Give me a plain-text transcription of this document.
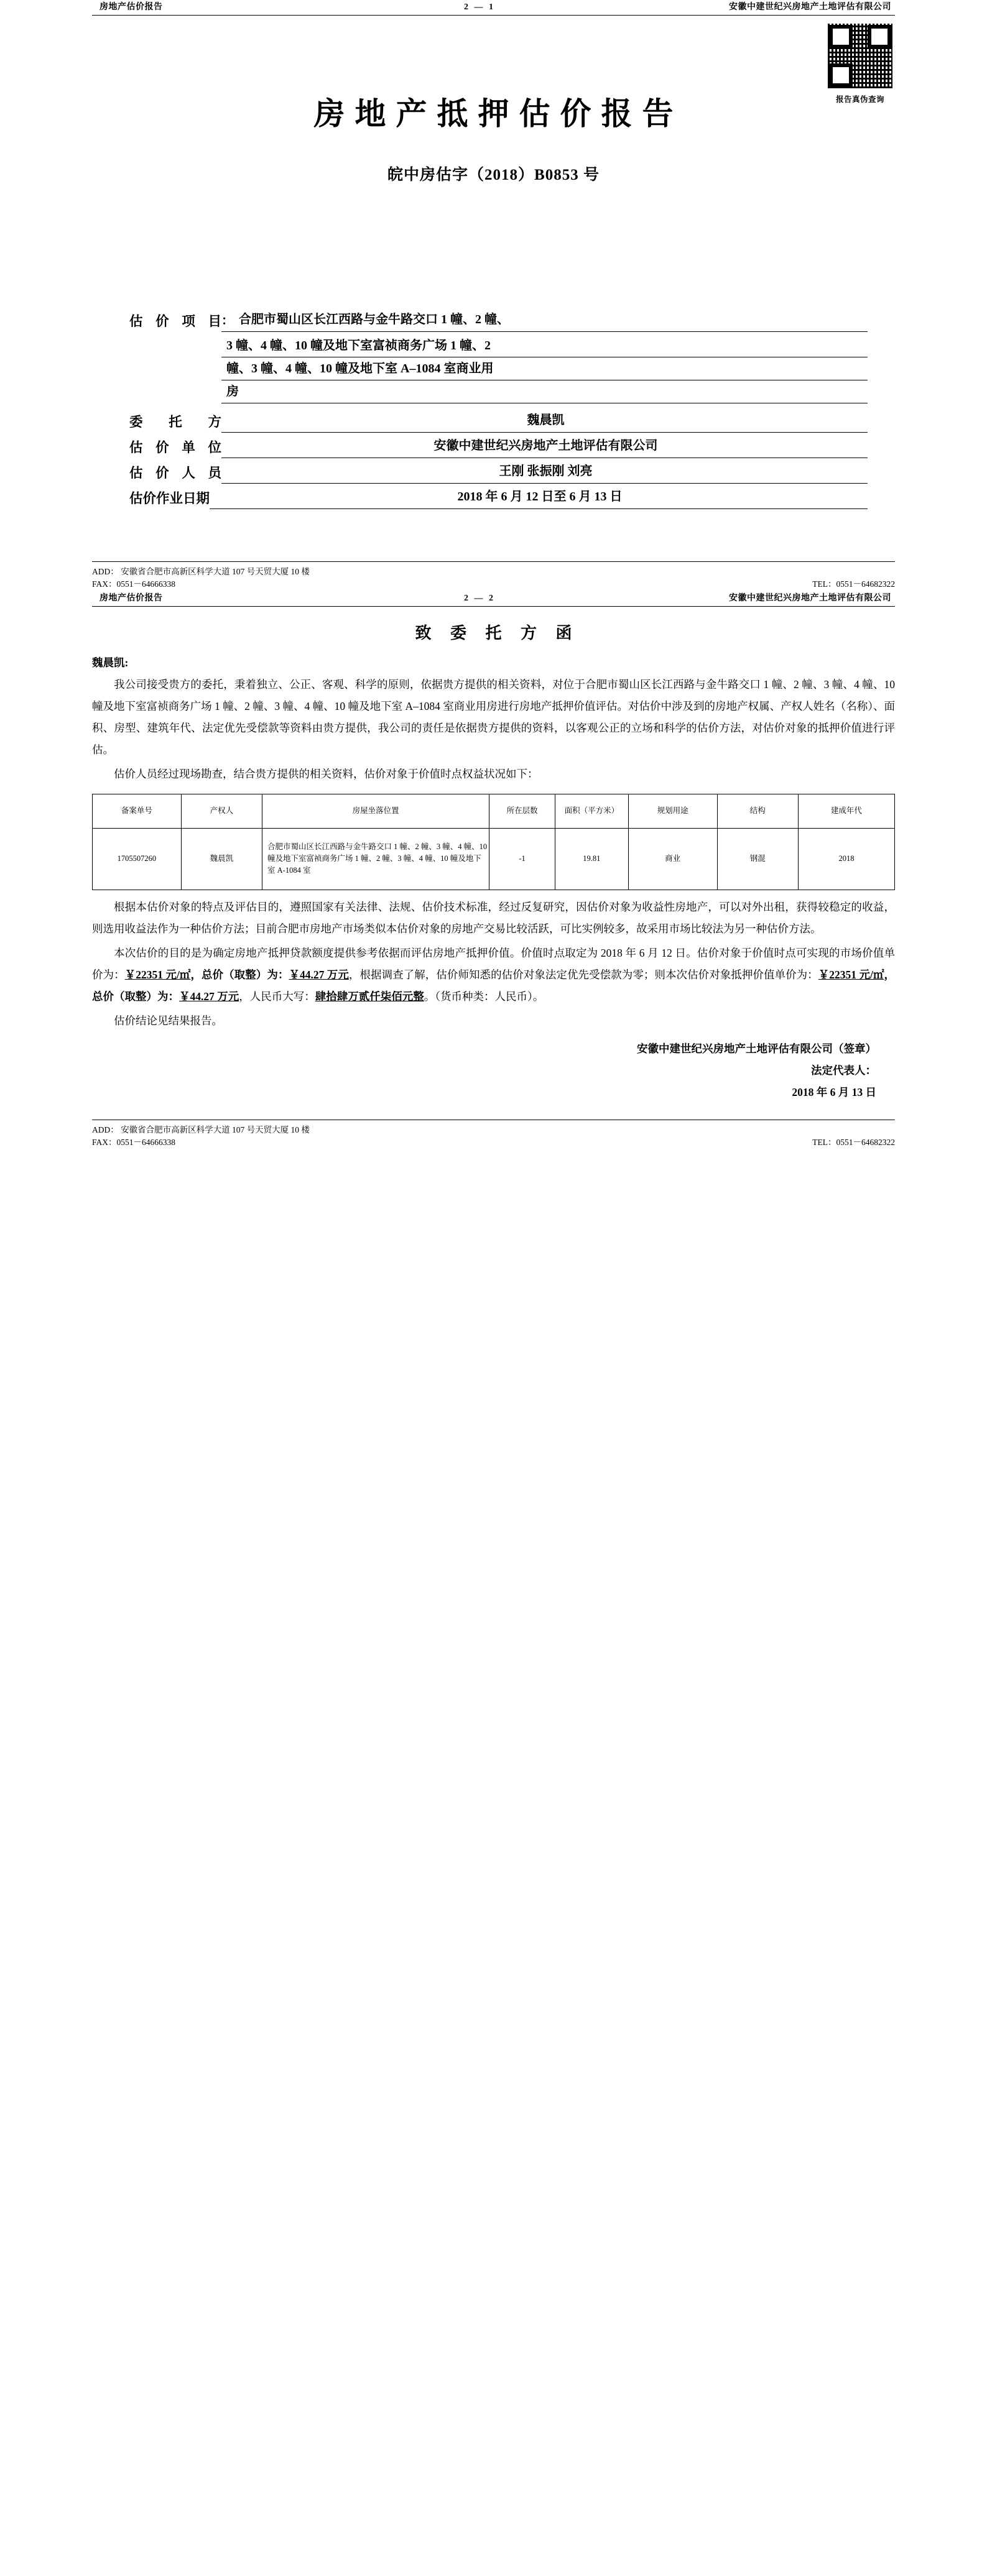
房地产估价报告	2 — 1	安徽中建世纪兴房地产土地评估有限公司
报告真伪查询
房地产抵押估价报告
皖中房估字（2018）B0853 号
估价项目 ： 合肥市蜀山区长江西路与金牛路交口 1 幢、2 幢、
3 幢、4 幢、10 幢及地下室富祯商务广场 1 幢、2
幢、3 幢、4 幢、10 幢及地下室 A–1084 室商业用
房
委托方	魏晨凯
估价单位	安徽中建世纪兴房地产土地评估有限公司
估价人员	王刚 张振刚 刘亮
估价作业日期	2018 年 6 月 12 日至 6 月 13 日
ADD： 安徽省合肥市高新区科学大道 107 号天贸大厦 10 楼
FAX：0551－64666338	TEL：0551－64682322
房地产估价报告	2 — 2	安徽中建世纪兴房地产土地评估有限公司
致 委 托 方 函
魏晨凯:

我公司接受贵方的委托，秉着独立、公正、客观、科学的原则，依据贵方提供的相关资料，对位于合肥市蜀山区长江西路与金牛路交口 1 幢、2 幢、3 幢、4 幢、10 幢及地下室富祯商务广场 1 幢、2 幢、3 幢、4 幢、10 幢及地下室 A–1084 室商业用房进行房地产抵押价值评估。对估价中涉及到的房地产权属、产权人姓名（名称）、面积、房型、建筑年代、法定优先受偿款等资料由贵方提供，我公司的责任是依据贵方提供的资料，以客观公正的立场和科学的估价方法，对估价对象的抵押价值进行评估。

估价人员经过现场勘查，结合贵方提供的相关资料，估价对象于价值时点权益状况如下：

备案单号	产权人	房屋坐落位置	所在层数	面积（平方米）	规划用途	结构	建成年代
1705507260	魏晨凯	合肥市蜀山区长江西路与金牛路交口 1 幢、2 幢、3 幢、4 幢、10 幢及地下室富祯商务广场 1 幢、2 幢、3 幢、4 幢、10 幢及地下室 A-1084 室	-1	19.81	商业	钢混	2018

根据本估价对象的特点及评估目的，遵照国家有关法律、法规、估价技术标准，经过反复研究，因估价对象为收益性房地产，可以对外出租，获得较稳定的收益，则选用收益法作为一种估价方法；目前合肥市房地产市场类似本估价对象的房地产交易比较活跃，可比实例较多，故采用市场比较法为另一种估价方法。

本次估价的目的是为确定房地产抵押贷款额度提供参考依据而评估房地产抵押价值。价值时点取定为 2018 年 6 月 12 日。估价对象于价值时点可实现的市场价值单价为：￥22351 元/㎡，总价（取整）为：￥44.27 万元，根据调查了解，估价师知悉的估价对象法定优先受偿款为零；则本次估价对象抵押价值单价为：￥22351 元/㎡，总价（取整）为：￥44.27 万元，人民币大写：肆拾肆万贰仟柒佰元整。（货币种类：人民币）。

估价结论见结果报告。

安徽中建世纪兴房地产土地评估有限公司（签章）
法定代表人：
2018 年 6 月 13 日
ADD： 安徽省合肥市高新区科学大道 107 号天贸大厦 10 楼
FAX：0551－64666338	TEL：0551－64682322
